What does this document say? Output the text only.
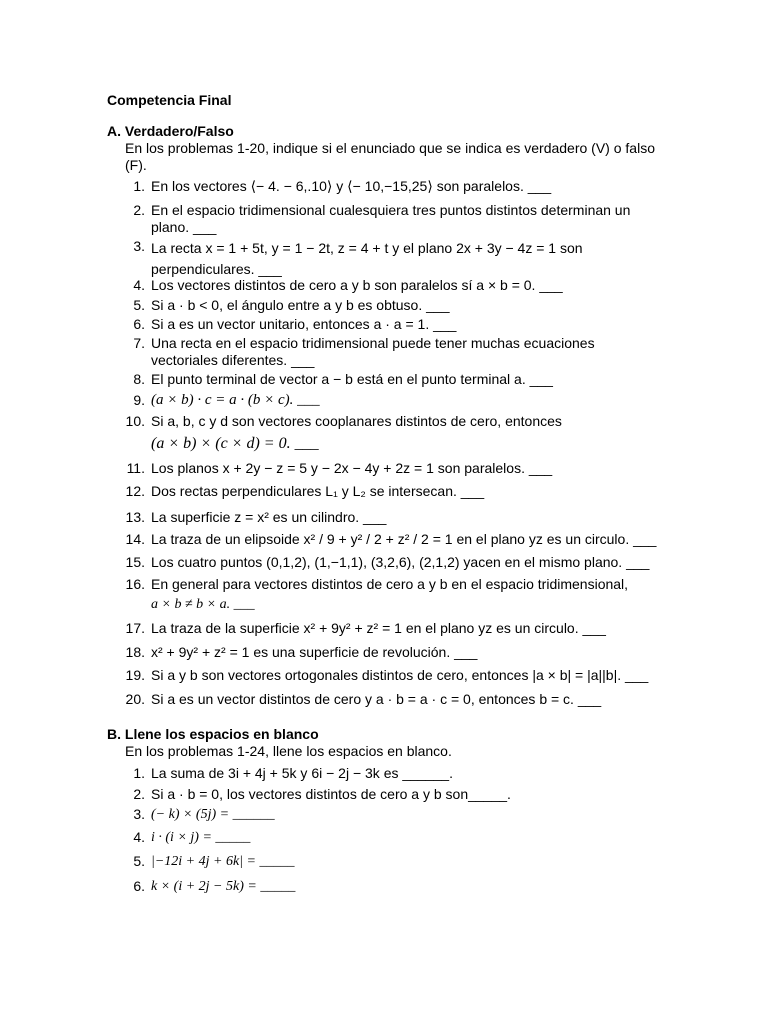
Competencia Final
A. Verdadero/Falso
En los problemas 1-20, indique si el enunciado que se indica es verdadero (V) o falso (F).
1. En los vectores ⟨− 4. − 6,.10⟩ y ⟨− 10,−15,25⟩ son paralelos. ___
2. En el espacio tridimensional cualesquiera tres puntos distintos determinan un plano. ___
3. La recta x = 1 + 5t, y = 1 − 2t, z = 4 + t y el plano 2x + 3y − 4z = 1 son perpendiculares. ___
4. Los vectores distintos de cero a y b son paralelos sí a × b = 0. ___
5. Si a · b < 0, el ángulo entre a y b es obtuso. ___
6. Si a es un vector unitario, entonces a · a = 1. ___
7. Una recta en el espacio tridimensional puede tener muchas ecuaciones vectoriales diferentes. ___
8. El punto terminal de vector a − b está en el punto terminal a. ___
9. (a × b) · c = a · (b × c). ___
10. Si a, b, c y d son vectores cooplanares distintos de cero, entonces
(a × b) × (c × d) = 0. ___
11. Los planos x + 2y − z = 5 y − 2x − 4y + 2z = 1 son paralelos. ___
12. Dos rectas perpendiculares L₁ y L₂ se intersecan. ___
13. La superficie z = x² es un cilindro. ___
14. La traza de un elipsoide x² / 9 + y² / 2 + z² / 2 = 1 en el plano yz es un circulo. ___
15. Los cuatro puntos (0,1,2), (1,−1,1), (3,2,6), (2,1,2) yacen en el mismo plano. ___
16. En general para vectores distintos de cero a y b en el espacio tridimensional,
a × b ≠ b × a. ___
17. La traza de la superficie x² + 9y² + z² = 1 en el plano yz es un circulo. ___
18. x² + 9y² + z² = 1 es una superficie de revolución. ___
19. Si a y b son vectores ortogonales distintos de cero, entonces |a × b| = |a||b|. ___
20. Si a es un vector distintos de cero y a · b = a · c = 0, entonces b = c. ___
B. Llene los espacios en blanco
En los problemas 1-24, llene los espacios en blanco.
1. La suma de 3i + 4j + 5k y 6i − 2j − 3k es ______.
2. Si a · b = 0, los vectores distintos de cero a y b son_____.
3. (− k) × (5j) = ______
4. i · (i × j) = _____
5. |−12i + 4j + 6k| = _____
6. k × (i + 2j − 5k) = _____
